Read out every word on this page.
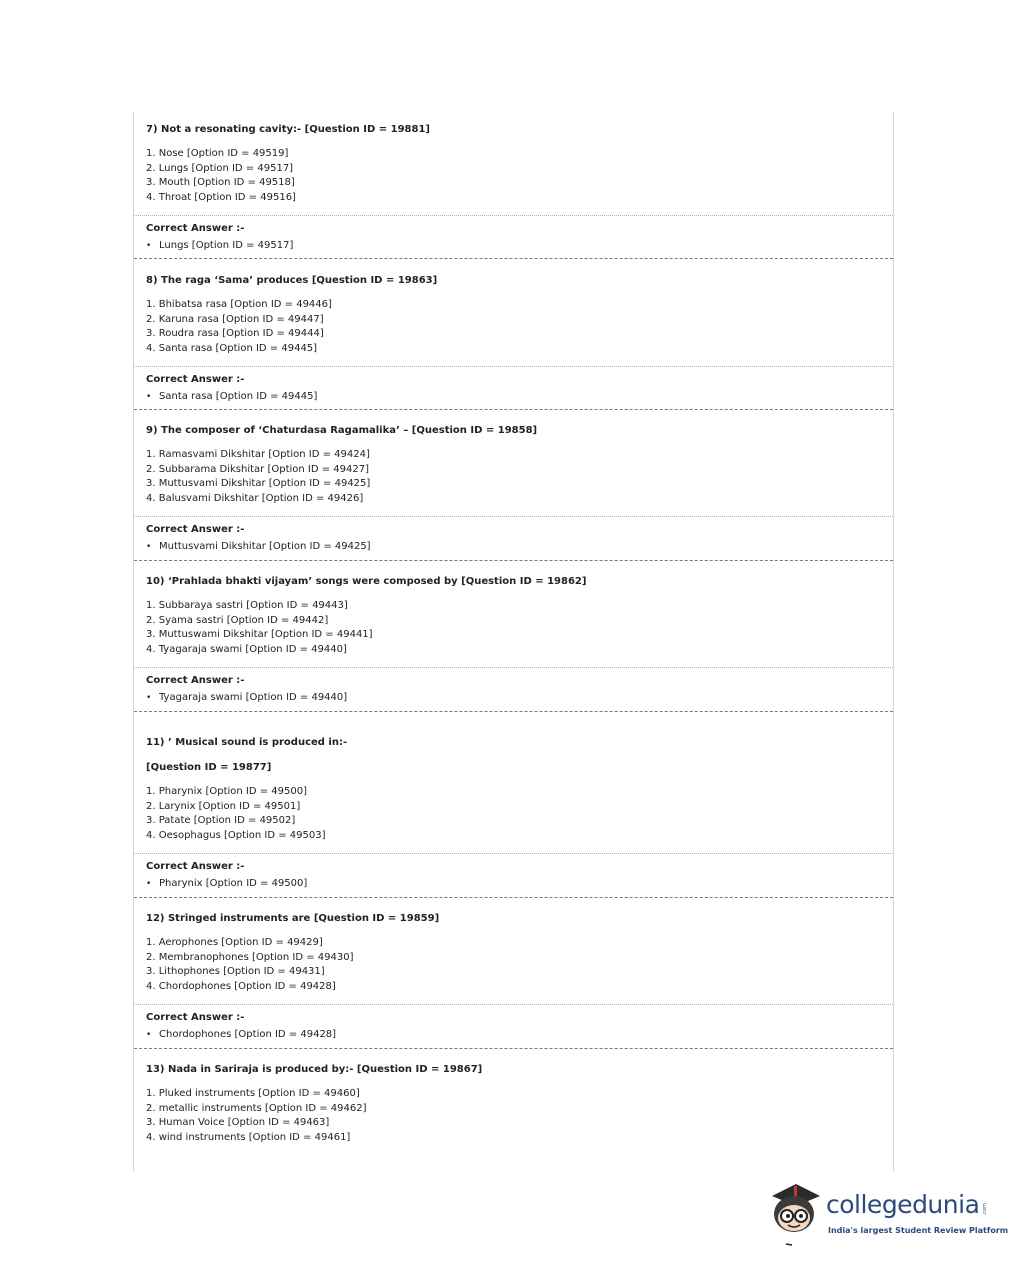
7) Not a resonating cavity:- [Question ID = 19881]
1. Nose [Option ID = 49519]
2. Lungs [Option ID = 49517]
3. Mouth [Option ID = 49518]
4. Throat [Option ID = 49516]
Correct Answer :-
• Lungs [Option ID = 49517]
8) The raga ‘Sama’ produces [Question ID = 19863]
1. Bhibatsa rasa [Option ID = 49446]
2. Karuna rasa [Option ID = 49447]
3. Roudra rasa [Option ID = 49444]
4. Santa rasa [Option ID = 49445]
Correct Answer :-
• Santa rasa [Option ID = 49445]
9) The composer of ‘Chaturdasa Ragamalika’ – [Question ID = 19858]
1. Ramasvami Dikshitar [Option ID = 49424]
2. Subbarama Dikshitar [Option ID = 49427]
3. Muttusvami Dikshitar [Option ID = 49425]
4. Balusvami Dikshitar [Option ID = 49426]
Correct Answer :-
• Muttusvami Dikshitar [Option ID = 49425]
10) ‘Prahlada bhakti vijayam’ songs were composed by [Question ID = 19862]
1. Subbaraya sastri [Option ID = 49443]
2. Syama sastri [Option ID = 49442]
3. Muttuswami Dikshitar [Option ID = 49441]
4. Tyagaraja swami [Option ID = 49440]
Correct Answer :-
• Tyagaraja swami [Option ID = 49440]
11) ’ Musical sound is produced in:-
[Question ID = 19877]
1. Pharynix [Option ID = 49500]
2. Larynix [Option ID = 49501]
3. Patate [Option ID = 49502]
4. Oesophagus [Option ID = 49503]
Correct Answer :-
• Pharynix [Option ID = 49500]
12) Stringed instruments are [Question ID = 19859]
1. Aerophones [Option ID = 49429]
2. Membranophones [Option ID = 49430]
3. Lithophones [Option ID = 49431]
4. Chordophones [Option ID = 49428]
Correct Answer :-
• Chordophones [Option ID = 49428]
13) Nada in Sariraja is produced by:- [Question ID = 19867]
1. Pluked instruments [Option ID = 49460]
2. metallic instruments [Option ID = 49462]
3. Human Voice [Option ID = 49463]
4. wind instruments [Option ID = 49461]
collegedunia .com
India's largest Student Review Platform
